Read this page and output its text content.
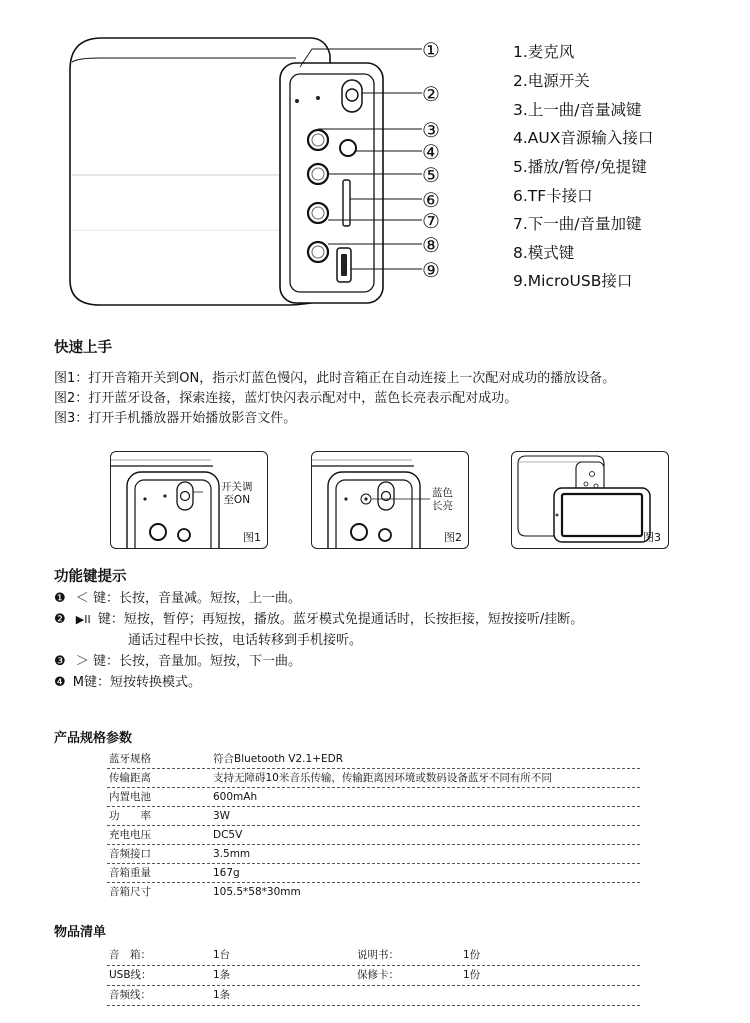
①
②
③
④
⑤
⑥
⑦
⑧
⑨
1.麦克风
2.电源开关
3.上一曲/音量减键
4.AUX音源输入接口
5.播放/暂停/免提键
6.TF卡接口
7.下一曲/音量加键
8.模式键
9.MicroUSB接口
快速上手
图1：打开音箱开关到ON，指示灯蓝色慢闪，此时音箱正在自动连接上一次配对成功的播放设备。
图2：打开蓝牙设备，探索连接，蓝灯快闪表示配对中，蓝色长亮表示配对成功。
图3：打开手机播放器开始播放影音文件。
开关调
至ON
图1
蓝色
长亮
图2	图3
功能键提示
❶ ＜ 键：长按，音量减。短按，上一曲。
❷ ▶II 键：短按，暂停；再短按，播放。蓝牙模式免提通话时，长按拒接，短按接听/挂断。
通话过程中长按，电话转移到手机接听。
❸ ＞ 键：长按，音量加。短按，下一曲。
❹ M键：短按转换模式。
产品规格参数
蓝牙规格	符合Bluetooth V2.1+EDR
传输距离	支持无障碍10米音乐传输，传输距离因环境或数码设备蓝牙不同有所不同
内置电池	600mAh
功　　率	3W
充电电压	DC5V
音频接口	3.5mm
音箱重量	167g
音箱尺寸	105.5*58*30mm
物品清单
音　箱：	1台	说明书：	1份
USB线：	1条	保修卡：	1份
音频线：	1条
